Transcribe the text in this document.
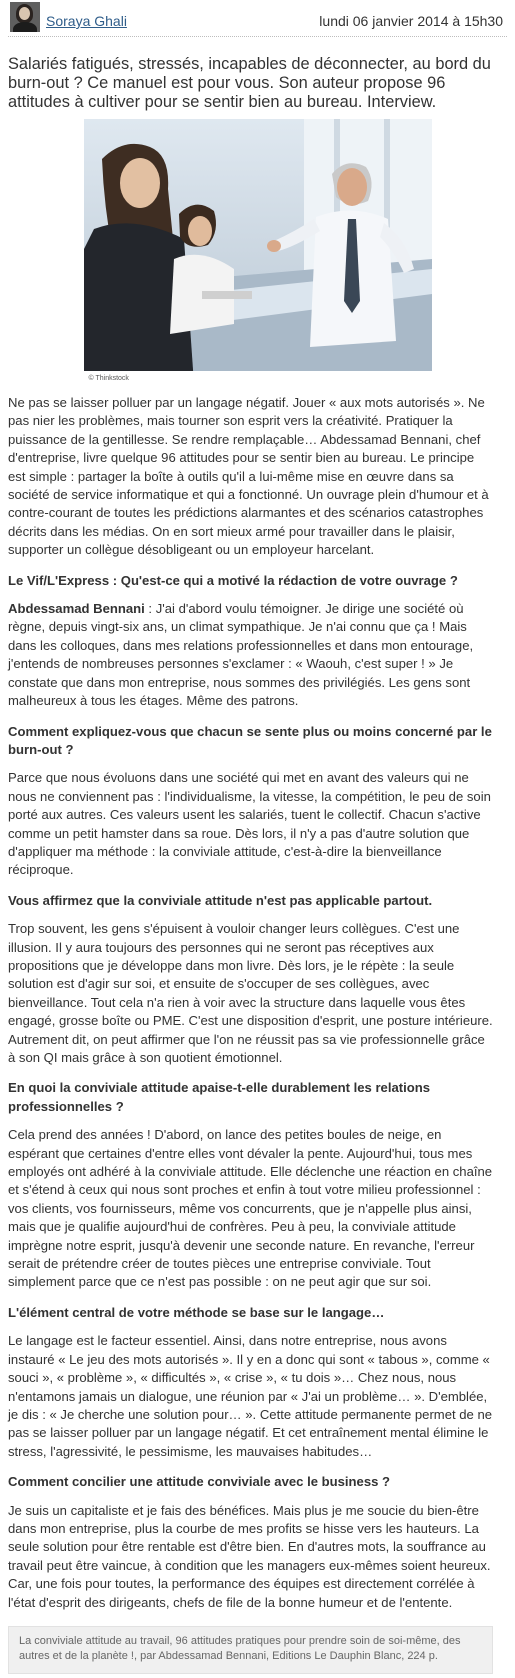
Soraya Ghali	lundi 06 janvier 2014 à 15h30

Salariés fatigués, stressés, incapables de déconnecter, au bord du burn-out ? Ce manuel est pour vous. Son auteur propose 96 attitudes à cultiver pour se sentir bien au bureau. Interview.

© Thinkstock

Ne pas se laisser polluer par un langage négatif. Jouer « aux mots autorisés ». Ne pas nier les problèmes, mais tourner son esprit vers la créativité. Pratiquer la puissance de la gentillesse. Se rendre remplaçable… Abdessamad Bennani, chef d'entreprise, livre quelque 96 attitudes pour se sentir bien au bureau. Le principe est simple : partager la boîte à outils qu'il a lui-même mise en œuvre dans sa société de service informatique et qui a fonctionné. Un ouvrage plein d'humour et à contre-courant de toutes les prédictions alarmantes et des scénarios catastrophes décrits dans les médias. On en sort mieux armé pour travailler dans le plaisir, supporter un collègue désobligeant ou un employeur harcelant.

Le Vif/L'Express : Qu'est-ce qui a motivé la rédaction de votre ouvrage ?

Abdessamad Bennani : J'ai d'abord voulu témoigner. Je dirige une société où règne, depuis vingt-six ans, un climat sympathique. Je n'ai connu que ça ! Mais dans les colloques, dans mes relations professionnelles et dans mon entourage, j'entends de nombreuses personnes s'exclamer : « Waouh, c'est super ! » Je constate que dans mon entreprise, nous sommes des privilégiés. Les gens sont malheureux à tous les étages. Même des patrons.

Comment expliquez-vous que chacun se sente plus ou moins concerné par le burn-out ?

Parce que nous évoluons dans une société qui met en avant des valeurs qui ne nous ne conviennent pas : l'individualisme, la vitesse, la compétition, le peu de soin porté aux autres. Ces valeurs usent les salariés, tuent le collectif. Chacun s'active comme un petit hamster dans sa roue. Dès lors, il n'y a pas d'autre solution que d'appliquer ma méthode : la conviviale attitude, c'est-à-dire la bienveillance réciproque.

Vous affirmez que la conviviale attitude n'est pas applicable partout.

Trop souvent, les gens s'épuisent à vouloir changer leurs collègues. C'est une illusion. Il y aura toujours des personnes qui ne seront pas réceptives aux propositions que je développe dans mon livre. Dès lors, je le répète : la seule solution est d'agir sur soi, et ensuite de s'occuper de ses collègues, avec bienveillance. Tout cela n'a rien à voir avec la structure dans laquelle vous êtes engagé, grosse boîte ou PME. C'est une disposition d'esprit, une posture intérieure. Autrement dit, on peut affirmer que l'on ne réussit pas sa vie professionnelle grâce à son QI mais grâce à son quotient émotionnel.

En quoi la conviviale attitude apaise-t-elle durablement les relations professionnelles ?

Cela prend des années ! D'abord, on lance des petites boules de neige, en espérant que certaines d'entre elles vont dévaler la pente. Aujourd'hui, tous mes employés ont adhéré à la conviviale attitude. Elle déclenche une réaction en chaîne et s'étend à ceux qui nous sont proches et enfin à tout votre milieu professionnel : vos clients, vos fournisseurs, même vos concurrents, que je n'appelle plus ainsi, mais que je qualifie aujourd'hui de confrères. Peu à peu, la conviviale attitude imprègne notre esprit, jusqu'à devenir une seconde nature. En revanche, l'erreur serait de prétendre créer de toutes pièces une entreprise conviviale. Tout simplement parce que ce n'est pas possible : on ne peut agir que sur soi.

L'élément central de votre méthode se base sur le langage…

Le langage est le facteur essentiel. Ainsi, dans notre entreprise, nous avons instauré « Le jeu des mots autorisés ». Il y en a donc qui sont « tabous », comme « souci », « problème », « difficultés », « crise », « tu dois »… Chez nous, nous n'entamons jamais un dialogue, une réunion par « J'ai un problème… ». D'emblée, je dis : « Je cherche une solution pour… ». Cette attitude permanente permet de ne pas se laisser polluer par un langage négatif. Et cet entraînement mental élimine le stress, l'agressivité, le pessimisme, les mauvaises habitudes…

Comment concilier une attitude conviviale avec le business ?

Je suis un capitaliste et je fais des bénéfices. Mais plus je me soucie du bien-être dans mon entreprise, plus la courbe de mes profits se hisse vers les hauteurs. La seule solution pour être rentable est d'être bien. En d'autres mots, la souffrance au travail peut être vaincue, à condition que les managers eux-mêmes soient heureux. Car, une fois pour toutes, la performance des équipes est directement corrélée à l'état d'esprit des dirigeants, chefs de file de la bonne humeur et de l'entente.

La conviviale attitude au travail, 96 attitudes pratiques pour prendre soin de soi-même, des autres et de la planète !, par Abdessamad Bennani, Editions Le Dauphin Blanc, 224 p.
